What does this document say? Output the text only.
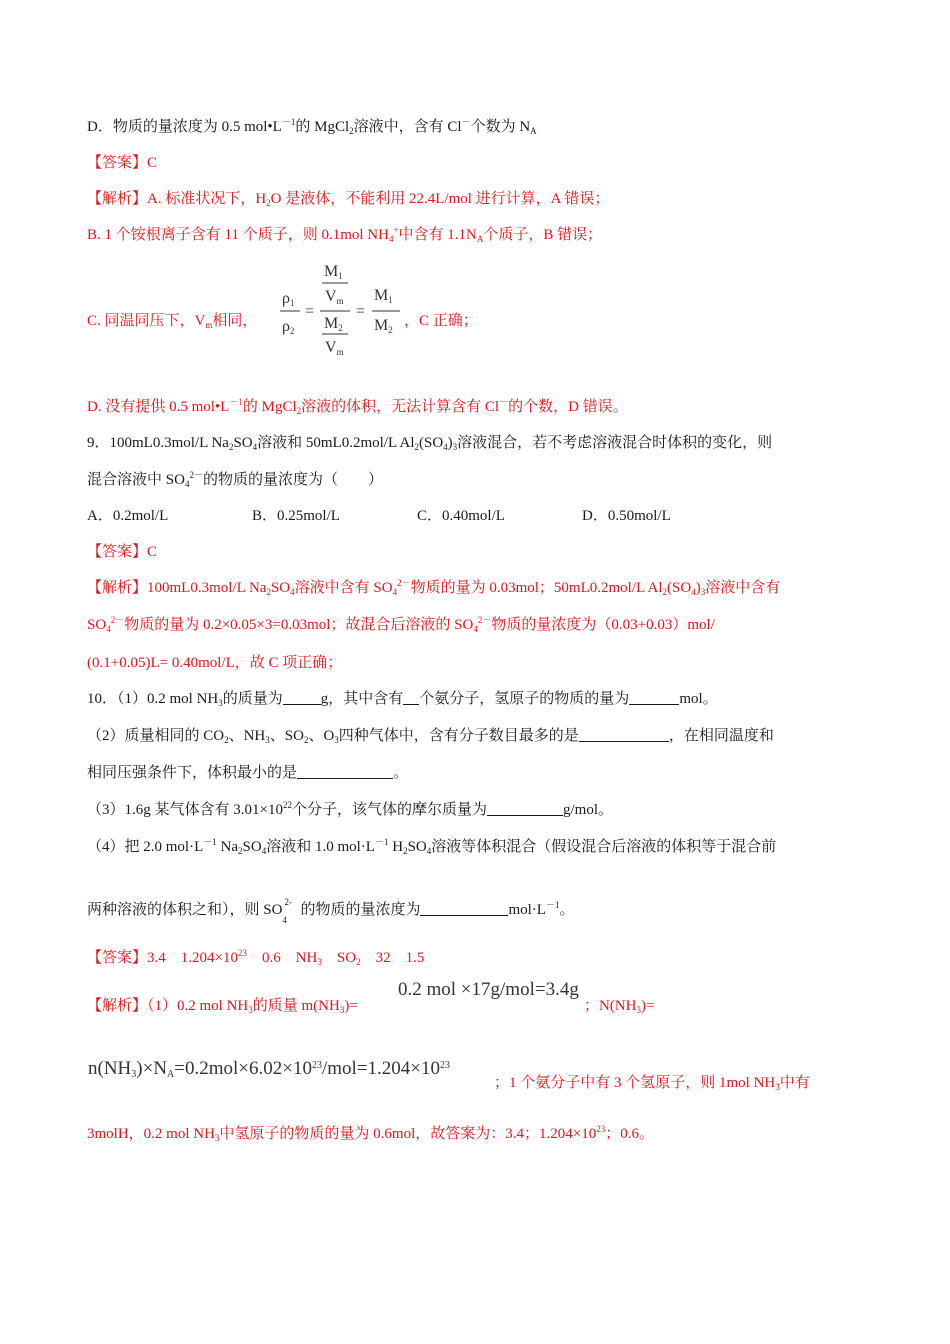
D．物质的量浓度为 0.5 $mol•L^{-1}$的 MgCl$_2$溶液中，含有 Cl－个数为 $N_A$
【答案】C
【解析】A. 标准状况下，$H_2O$ 是液体，不能利用 22.4L/mol 进行计算，A 错误；
B. 1 个铵根离子含有 11 个质子，则 0.1mol $NH_4^+$中含有 $1.1N_A$个质子，B 错误；
C. 同温同压下，$V_m$相同，
ρ1
ρ2
=
M1
Vm
M2
Vm
=
M1
M2
，C 正确；
D. 没有提供 0.5 $mol•L^{-1}$的 MgCl$_2$溶液的体积，无法计算含有 Cl－的个数，D 错误。
9．100mL0.3mol/L $Na_2SO_4$溶液和 50mL0.2mol/L $Al_2(SO_4)_3$溶液混合，若不考虑溶液混合时体积的变化，则
混合溶液中 $SO_4^{2-}$的物质的量浓度为（　　）
A．0.2mol/L	B．0.25mol/L	C．0.40mol/L	D．0.50mol/L
【答案】C
【解析】100mL0.3mol/L $Na_2SO_4$溶液中含有 $SO_4^{2-}$物质的量为 0.03mol；50mL0.2mol/L $Al_2(SO_4)_3$溶液中含有
$SO_4^{2-}$物质的量为 0.2×0.05×3=0.03mol；故混合后溶液的 $SO_4^{2-}$物质的量浓度为（0.03+0.03）mol/
(0.1+0.05)L= 0.40mol/L，故 C 项正确；
10．（1）0.2 mol $NH_3$的质量为	g，其中含有 个氨分子，氢原子的物质的量为	mol。
（2）质量相同的 $CO_2$、$NH_3$、$SO_2$、$O_3$四种气体中，含有分子数目最多的是	，在相同温度和
相同压强条件下，体积最小的是	。
（3）1.6g 某气体含有 $3.01\times 10^{22}$个分子，该气体的摩尔质量为	g/mol。
（4）把 2.0 $mol\cdot L^{-1}$ $Na_2SO_4$溶液和 1.0 $mol\cdot L^{-1}$ $H_2SO_4$溶液等体积混合（假设混合后溶液的体积等于混合前
两种溶液的体积之和），则 SO 2-
4
的物质的量浓度为	$mol\cdot L^{-1}$。
【答案】3.4　$1.204\times 10^{23}$　0.6　$NH_3$　$SO_2$　32　1.5
【解析】（1）0.2 mol $NH_3$的质量 $m(NH_3)=$
0.2 mol ×17g/mol=3.4g
；$N(NH_3)=$
$n(NH_3)\times N_A=0.2mol\times 6.02\times 10^{23}/mol=1.204\times 10^{23}$
；1 个氨分子中有 3 个氢原子，则 1mol $NH_3$中有
3molH，0.2 mol $NH_3$中氢原子的物质的量为 0.6mol，故答案为：3.4；$1.204\times 10^{23}$；0.6。
